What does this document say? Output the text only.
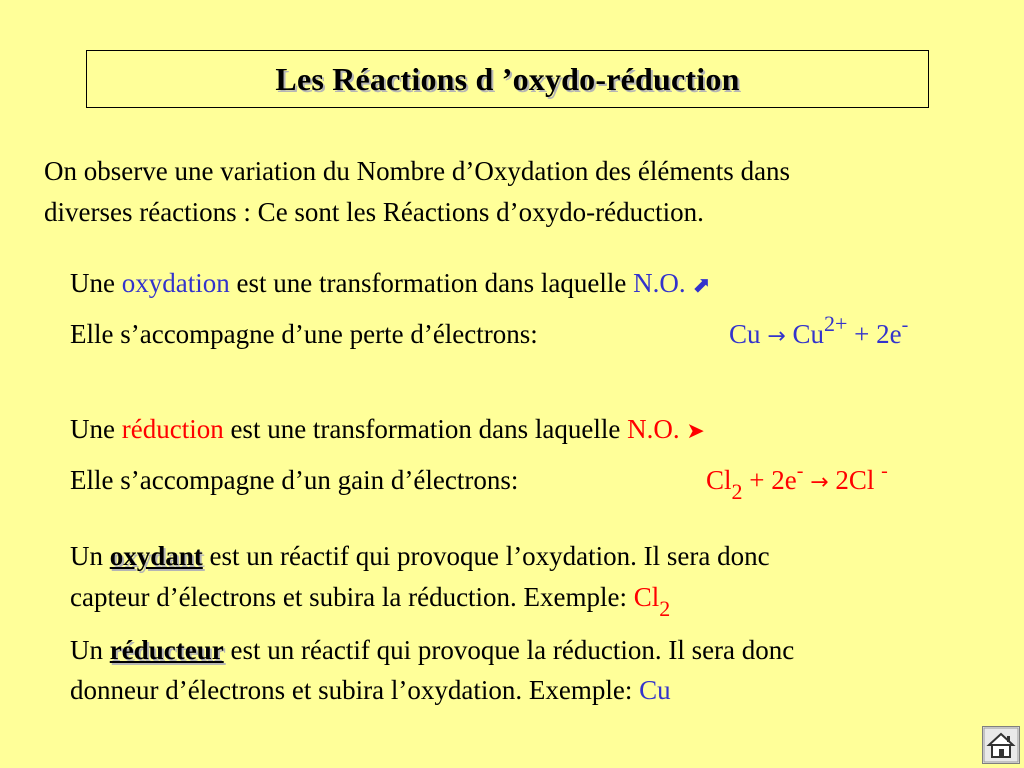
Les Réactions d ’oxydo-réduction
On observe une variation du Nombre d’Oxydation des éléments dans
diverses réactions : Ce sont les Réactions d’oxydo-réduction.
Une oxydation est une transformation dans laquelle N.O. ⬈
Elle s’accompagne d’une perte d’électrons:	$Cu \to Cu^{2+} + 2e^-$
Une réduction est une transformation dans laquelle N.O. ➤
Elle s’accompagne d’un gain d’électrons:	$Cl_2 + 2e^- \to 2Cl$ -
Un oxydant est un réactif qui provoque l’oxydation. Il sera donc
capteur d’électrons et subira la réduction. Exemple: $Cl_2$
Un réducteur est un réactif qui provoque la réduction. Il sera donc
donneur d’électrons et subira l’oxydation. Exemple: Cu
